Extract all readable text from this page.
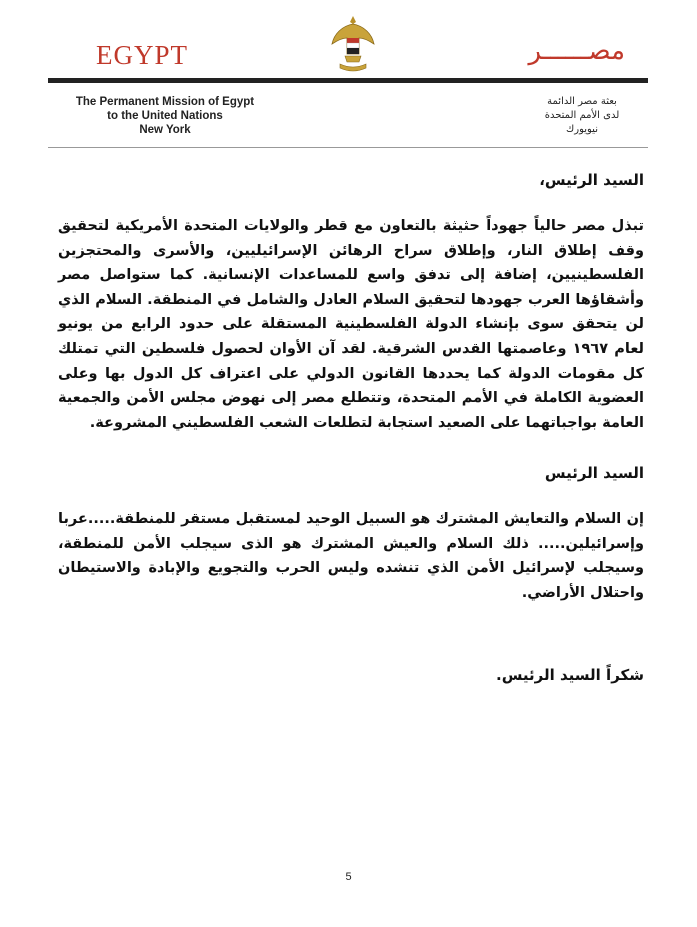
EGYPT	مصــــــر
The Permanent Mission of Egypt
to the United Nations
New York
بعثة مصر الدائمة
لدى الأمم المتحدة
نيويورك

السيد الرئيس،

تبذل مصر حالياً جهوداً حثيثة بالتعاون مع قطر والولايات المتحدة الأمريكية لتحقيق وقف إطلاق النار، وإطلاق سراح الرهائن الإسرائيليين، والأسرى والمحتجزين الفلسطينيين، إضافة إلى تدفق واسع للمساعدات الإنسانية. كما ستواصل مصر وأشقاؤها العرب جهودها لتحقيق السلام العادل والشامل في المنطقة. السلام الذي لن يتحقق سوى بإنشاء الدولة الفلسطينية المستقلة على حدود الرابع من يونيو لعام ١٩٦٧ وعاصمتها القدس الشرقية. لقد آن الأوان لحصول فلسطين التي تمتلك كل مقومات الدولة كما يحددها القانون الدولي على اعتراف كل الدول بها وعلى العضوية الكاملة في الأمم المتحدة، وتتطلع مصر إلى نهوض مجلس الأمن والجمعية العامة بواجباتهما على الصعيد استجابة لتطلعات الشعب الفلسطيني المشروعة.

السيد الرئيس

إن السلام والتعايش المشترك هو السبيل الوحيد لمستقبل مستقر للمنطقة.....عربا وإسرائيلين..... ذلك السلام والعيش المشترك هو الذى سيجلب الأمن للمنطقة، وسيجلب لإسرائيل الأمن الذي تنشده وليس الحرب والتجويع والإبادة والاستيطان واحتلال الأراضي.

شكراً السيد الرئيس.

5
